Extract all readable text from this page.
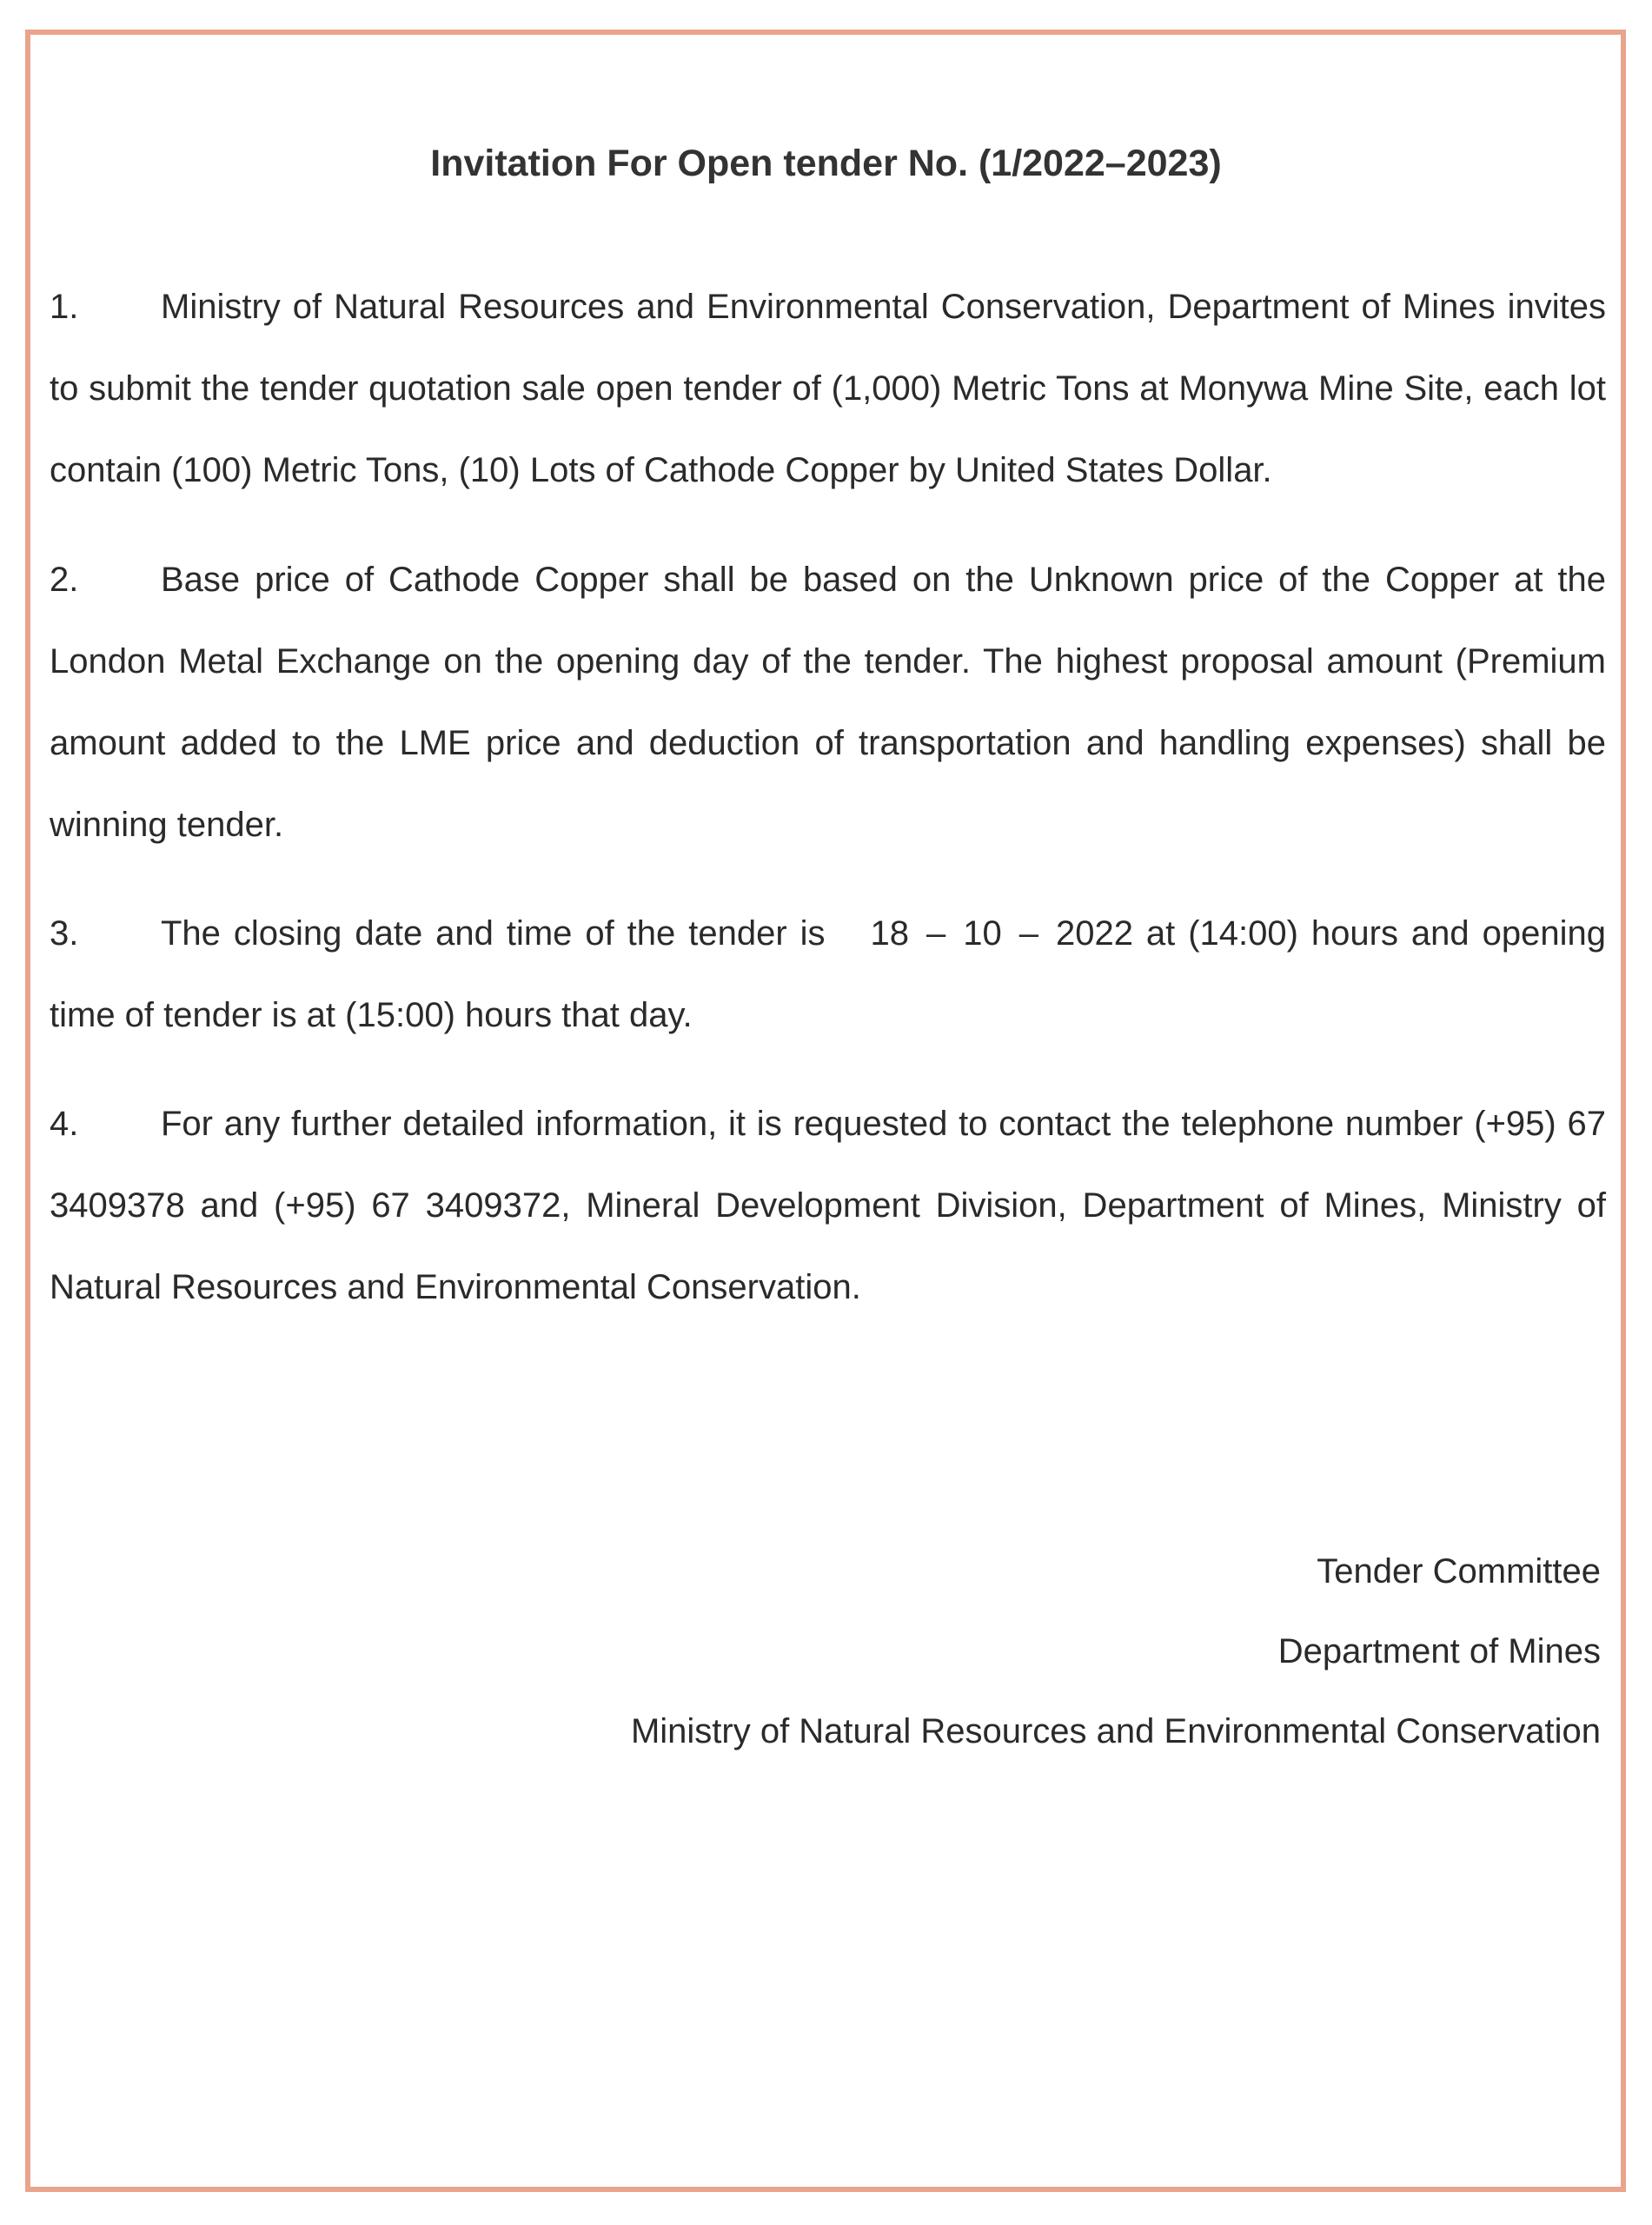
Invitation For Open tender No. (1/2022–2023)
1. Ministry of Natural Resources and Environmental Conservation, Department of Mines invites to submit the tender quotation sale open tender of (1,000) Metric Tons at Monywa Mine Site, each lot contain (100) Metric Tons, (10) Lots of Cathode Copper by United States Dollar.
2. Base price of Cathode Copper shall be based on the Unknown price of the Copper at the London Metal Exchange on the opening day of the tender. The highest proposal amount (Premium amount added to the LME price and deduction of transportation and handling expenses) shall be winning tender.
3. The closing date and time of the tender is 18 – 10 – 2022 at (14:00) hours and opening time of tender is at (15:00) hours that day.
4. For any further detailed information, it is requested to contact the telephone number (+95) 67 3409378 and (+95) 67 3409372, Mineral Development Division, Department of Mines, Ministry of Natural Resources and Environmental Conservation.
Tender Committee
Department of Mines
Ministry of Natural Resources and Environmental Conservation
